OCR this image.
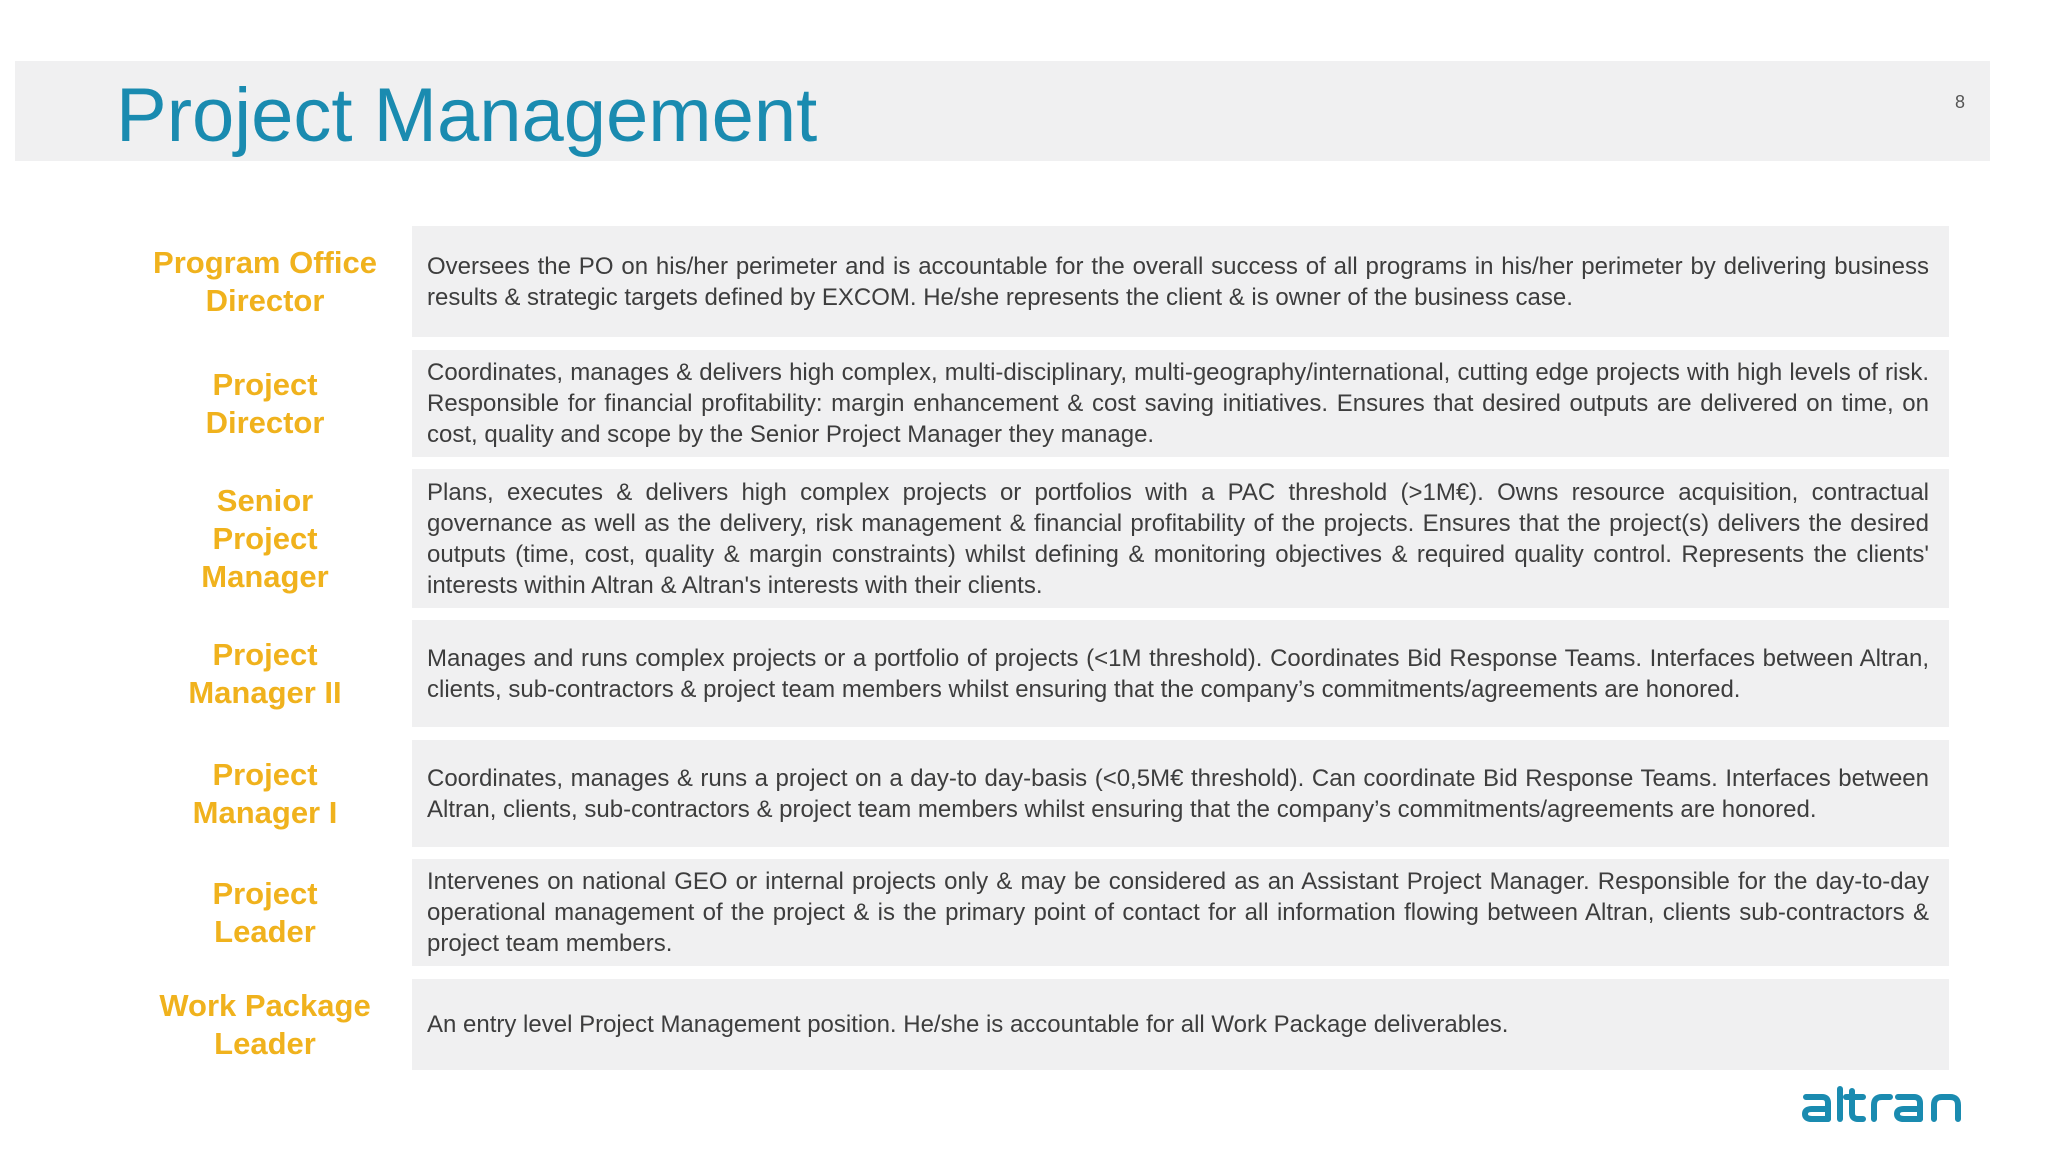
Project Management	8
Program Office Director
Oversees the PO on his/her perimeter and is accountable for the overall success of all programs in his/her perimeter by delivering business results & strategic targets defined by EXCOM. He/she represents the client & is owner of the business case.
Project Director
Coordinates, manages & delivers high complex, multi-disciplinary, multi-geography/international, cutting edge projects with high levels of risk. Responsible for financial profitability: margin enhancement & cost saving initiatives. Ensures that desired outputs are delivered on time, on cost, quality and scope by the Senior Project Manager they manage.
Senior Project Manager
Plans, executes & delivers high complex projects or portfolios with a PAC threshold (>1M€). Owns resource acquisition, contractual governance as well as the delivery, risk management & financial profitability of the projects. Ensures that the project(s) delivers the desired outputs (time, cost, quality & margin constraints) whilst defining & monitoring objectives & required quality control. Represents the clients' interests within Altran & Altran's interests with their clients.
Project Manager II
Manages and runs complex projects or a portfolio of projects (<1M threshold). Coordinates Bid Response Teams. Interfaces between Altran, clients, sub-contractors & project team members whilst ensuring that the company’s commitments/agreements are honored.
Project Manager I
Coordinates, manages & runs a project on a day-to day-basis (<0,5M€ threshold). Can coordinate Bid Response Teams. Interfaces between Altran, clients, sub-contractors & project team members whilst ensuring that the company’s commitments/agreements are honored.
Project Leader
Intervenes on national GEO or internal projects only & may be considered as an Assistant Project Manager. Responsible for the day-to-day operational management of the project & is the primary point of contact for all information flowing between Altran, clients sub-contractors & project team members.
Work Package Leader
An entry level Project Management position. He/she is accountable for all Work Package deliverables.
